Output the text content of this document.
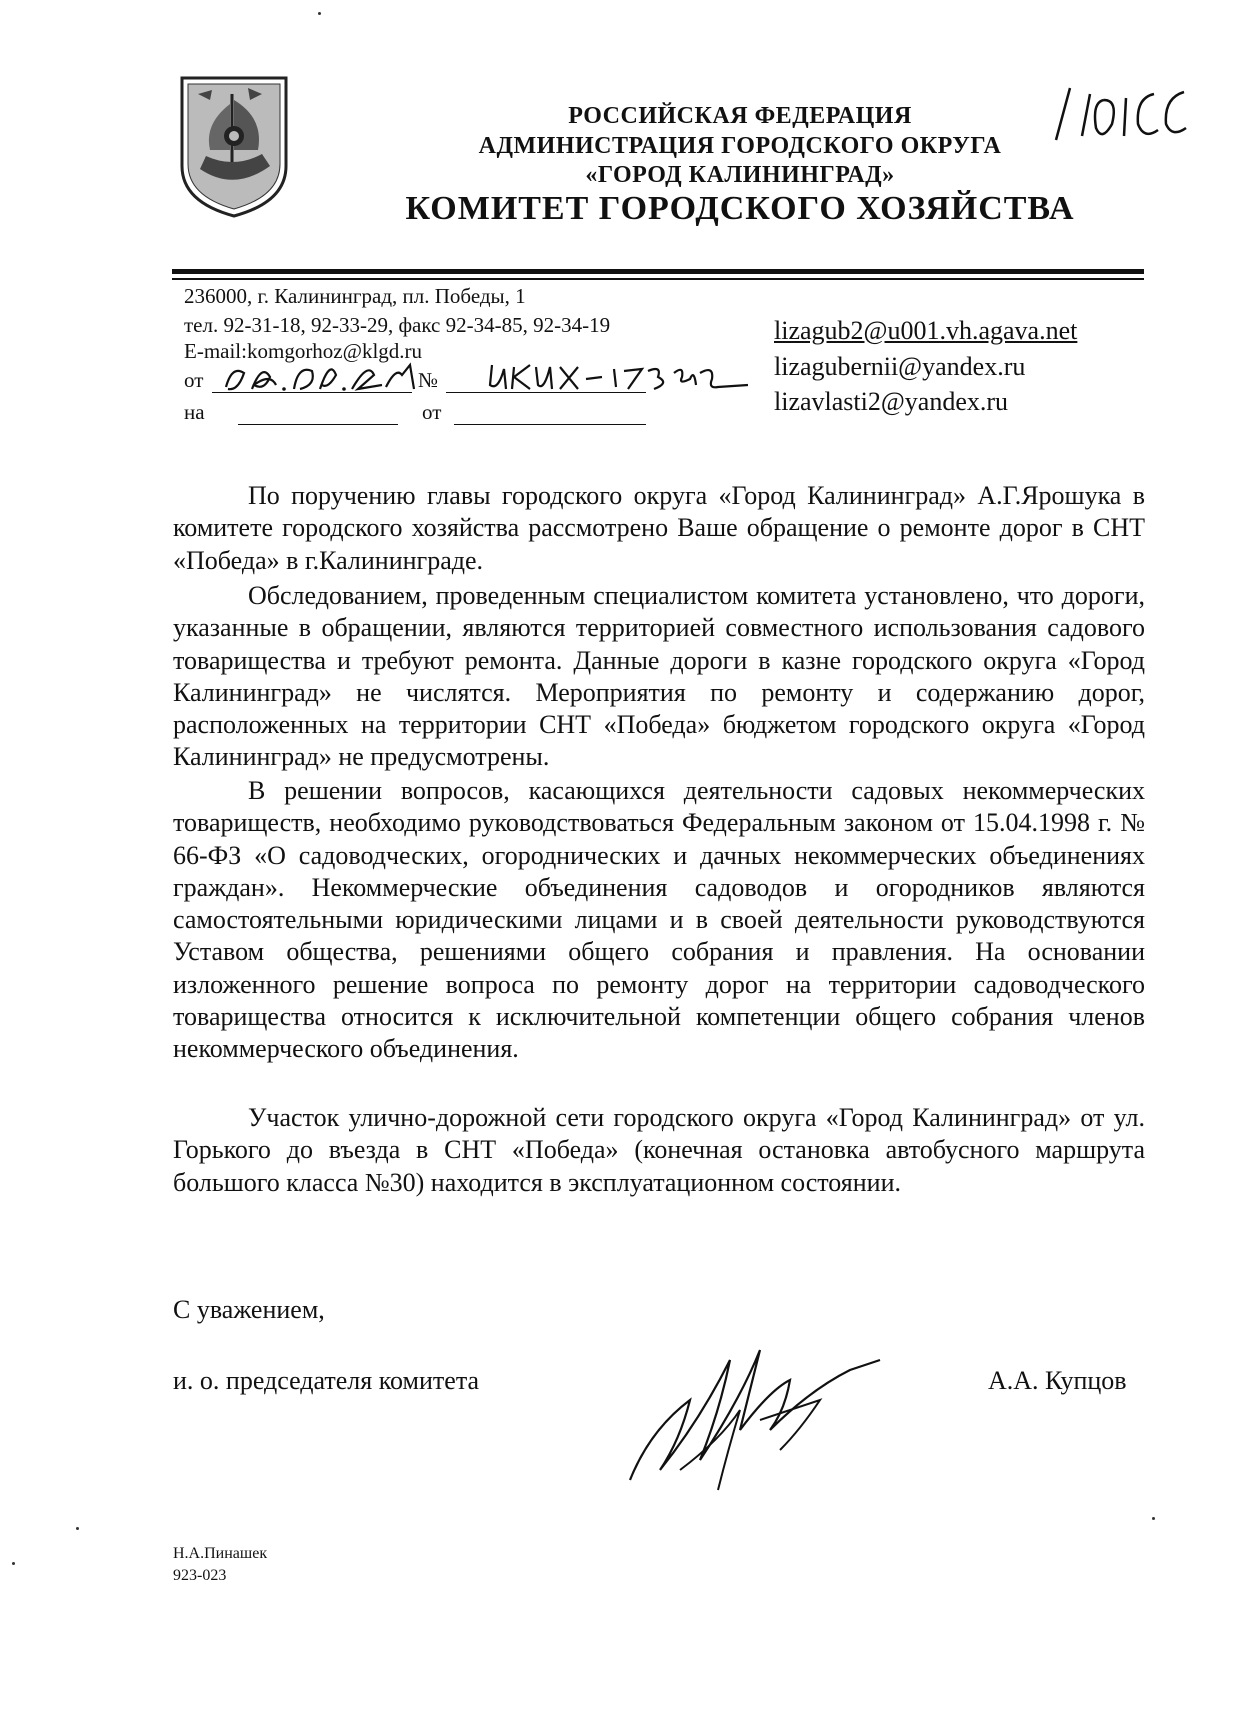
РОССИЙСКАЯ ФЕДЕРАЦИЯ
АДМИНИСТРАЦИЯ ГОРОДСКОГО ОКРУГА
«ГОРОД КАЛИНИНГРАД»
КОМИТЕТ ГОРОДСКОГО ХОЗЯЙСТВА
236000, г. Калининград, пл. Победы, 1
тел. 92-31-18, 92-33-29, факс 92-34-85, 92-34-19
E-mail:komgorhoz@klgd.ru
от	№
на	от
lizagub2@u001.vh.agava.net
lizagubernii@yandex.ru
lizavlasti2@yandex.ru

По поручению главы городского округа «Город Калининград» А.Г.Ярошука в комитете городского хозяйства рассмотрено Ваше обращение о ремонте дорог в СНТ «Победа» в г.Калининграде.

Обследованием, проведенным специалистом комитета установлено, что дороги, указанные в обращении, являются территорией совместного использования садового товарищества и требуют ремонта. Данные дороги в казне городского округа «Город Калининград» не числятся. Мероприятия по ремонту и содержанию дорог, расположенных на территории СНТ «Победа» бюджетом городского округа «Город Калининград» не предусмотрены.

В решении вопросов, касающихся деятельности садовых некоммерческих товариществ, необходимо руководствоваться Федеральным законом от 15.04.1998 г. № 66-ФЗ «О садоводческих, огороднических и дачных некоммерческих объединениях граждан». Некоммерческие объединения садоводов и огородников являются самостоятельными юридическими лицами и в своей деятельности руководствуются Уставом общества, решениями общего собрания и правления. На основании изложенного решение вопроса по ремонту дорог на территории садоводческого товарищества относится к исключительной компетенции общего собрания членов некоммерческого объединения.

Участок улично-дорожной сети городского округа «Город Калининград» от ул. Горького до въезда в СНТ «Победа» (конечная остановка автобусного маршрута большого класса №30) находится в эксплуатационном состоянии.

С уважением,
и. о. председателя комитета	А.А. Купцов
Н.А.Пинашек
923-023
